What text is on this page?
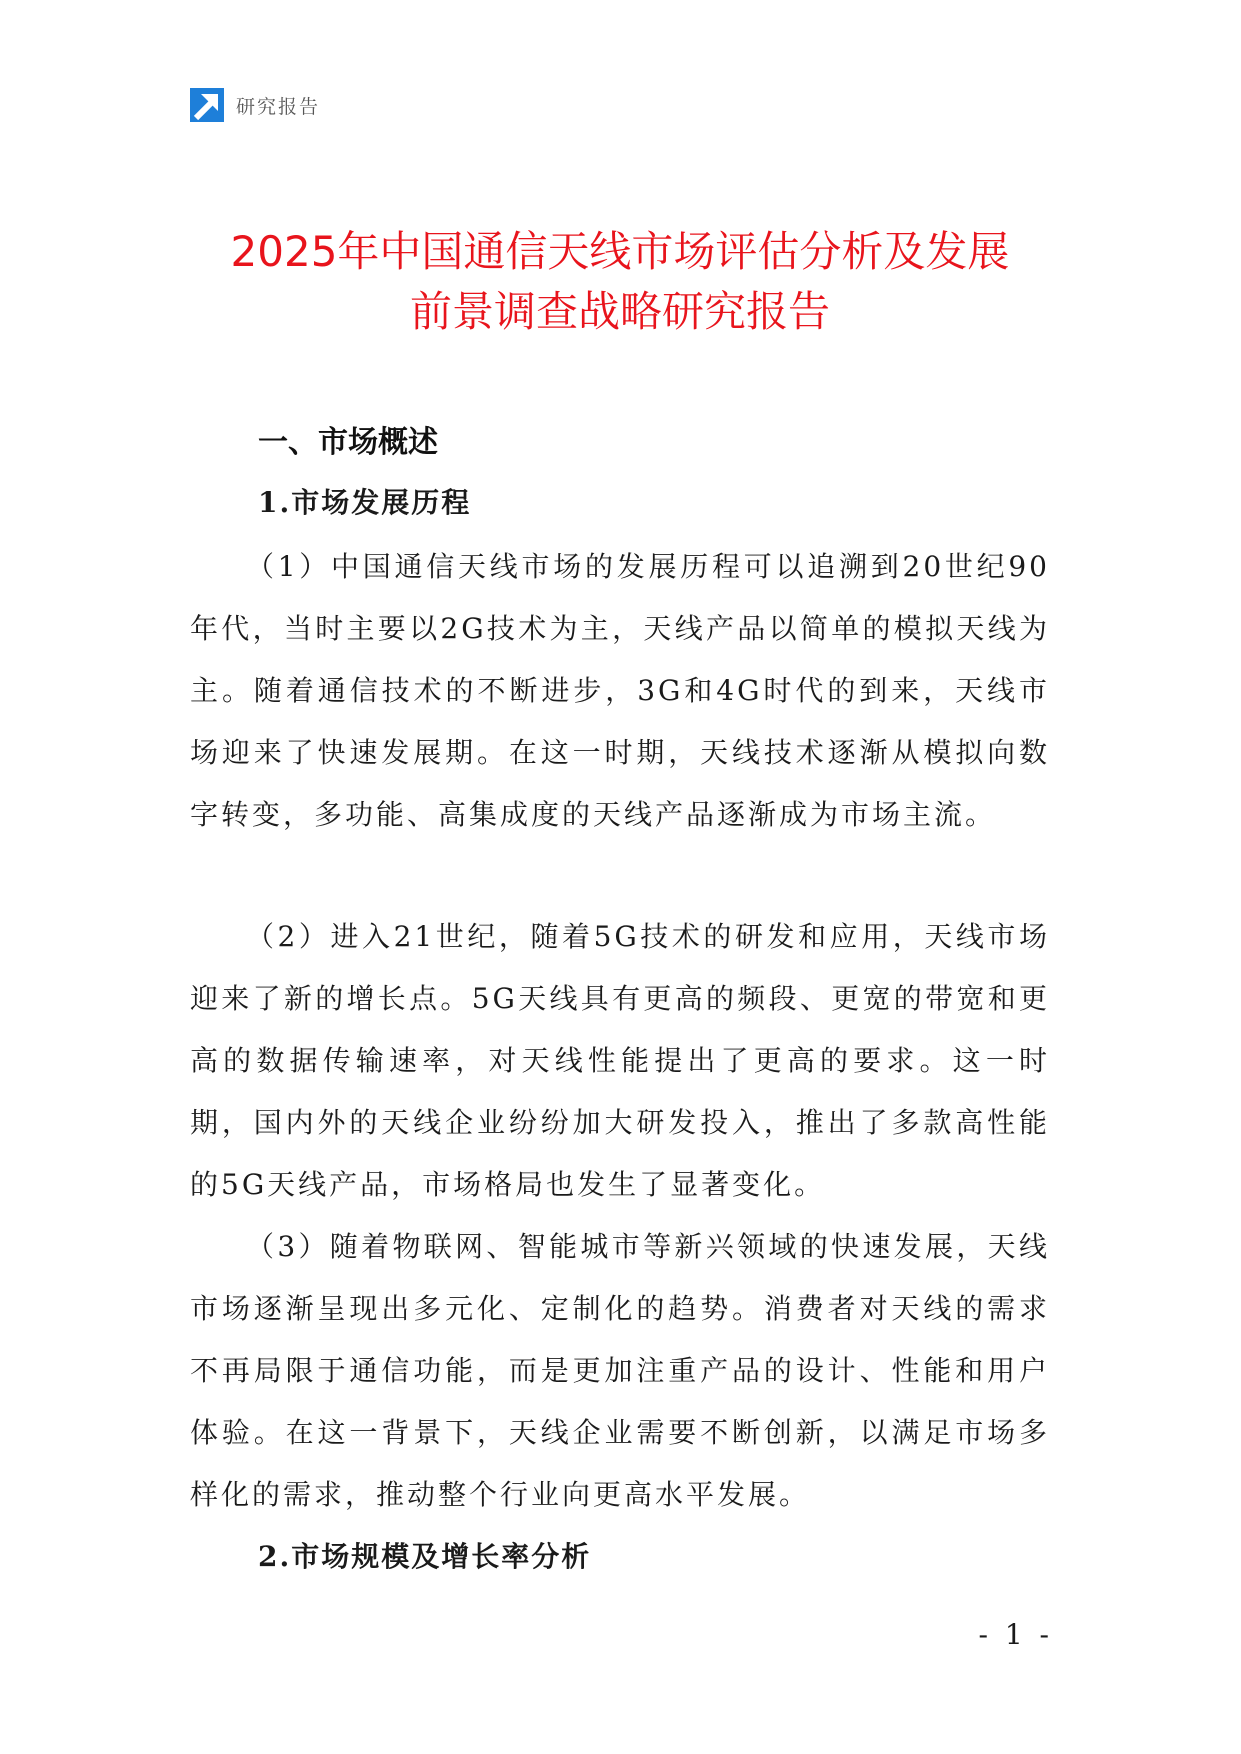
研究报告
2025年中国通信天线市场评估分析及发展
前景调查战略研究报告
一、市场概述
1.市场发展历程

（1）中国通信天线市场的发展历程可以追溯到20世纪90年代，当时主要以2G技术为主，天线产品以简单的模拟天线为主。随着通信技术的不断进步，3G和4G时代的到来，天线市场迎来了快速发展期。在这一时期，天线技术逐渐从模拟向数字转变，多功能、高集成度的天线产品逐渐成为市场主流。

（2）进入21世纪，随着5G技术的研发和应用，天线市场迎来了新的增长点。5G天线具有更高的频段、更宽的带宽和更高的数据传输速率，对天线性能提出了更高的要求。这一时期，国内外的天线企业纷纷加大研发投入，推出了多款高性能的5G天线产品，市场格局也发生了显著变化。

（3）随着物联网、智能城市等新兴领域的快速发展，天线市场逐渐呈现出多元化、定制化的趋势。消费者对天线的需求不再局限于通信功能，而是更加注重产品的设计、性能和用户体验。在这一背景下，天线企业需要不断创新，以满足市场多样化的需求，推动整个行业向更高水平发展。

2.市场规模及增长率分析
- 1 -
